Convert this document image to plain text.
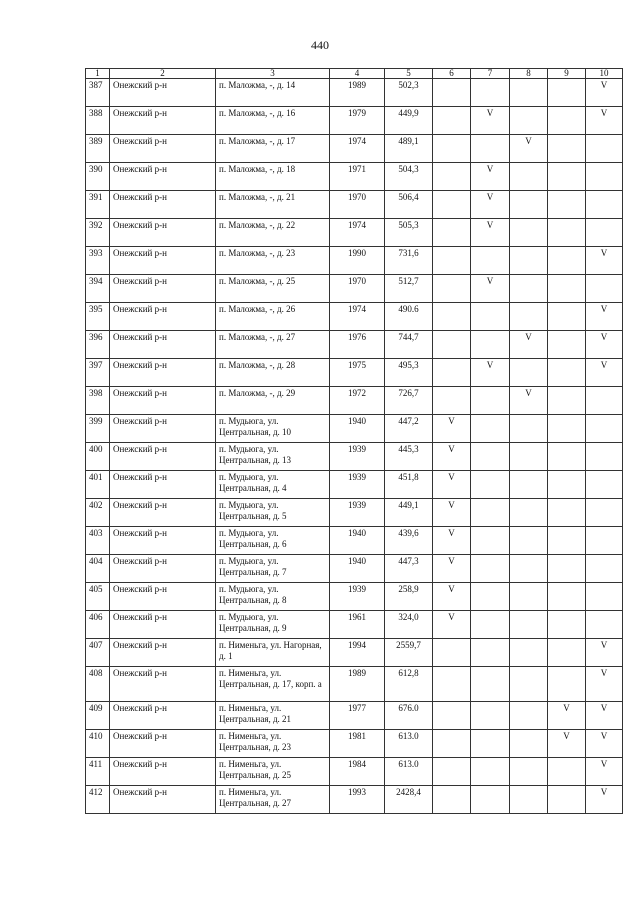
440
1	2	3	4	5	6	7	8	9	10
387	Онежский р-н	п. Маложма, -, д. 14	1989	502,3					V
388	Онежский р-н	п. Маложма, -, д. 16	1979	449,9		V			V
389	Онежский р-н	п. Маложма, -, д. 17	1974	489,1			V		
390	Онежский р-н	п. Маложма, -, д. 18	1971	504,3		V			
391	Онежский р-н	п. Маложма, -, д. 21	1970	506,4		V			
392	Онежский р-н	п. Маложма, -, д. 22	1974	505,3		V			
393	Онежский р-н	п. Маложма, -, д. 23	1990	731,6					V
394	Онежский р-н	п. Маложма, -, д. 25	1970	512,7		V			
395	Онежский р-н	п. Маложма, -, д. 26	1974	490.6					V
396	Онежский р-н	п. Маложма, -, д. 27	1976	744,7			V		V
397	Онежский р-н	п. Маложма, -, д. 28	1975	495,3		V			V
398	Онежский р-н	п. Маложма, -, д. 29	1972	726,7			V		
399	Онежский р-н	п. Мудьюга, ул. Центральная, д. 10	1940	447,2	V				
400	Онежский р-н	п. Мудьюга, ул. Центральная, д. 13	1939	445,3	V				
401	Онежский р-н	п. Мудьюга, ул. Центральная, д. 4	1939	451,8	V				
402	Онежский р-н	п. Мудьюга, ул. Центральная, д. 5	1939	449,1	V				
403	Онежский р-н	п. Мудьюга, ул. Центральная, д. 6	1940	439,6	V				
404	Онежский р-н	п. Мудьюга, ул. Центральная, д. 7	1940	447,3	V				
405	Онежский р-н	п. Мудьюга, ул. Центральная, д. 8	1939	258,9	V				
406	Онежский р-н	п. Мудьюга, ул. Центральная, д. 9	1961	324,0	V				
407	Онежский р-н	п. Нименьга, ул. Нагорная, д. 1	1994	2559,7					V
408	Онежский р-н	п. Нименьга, ул. Центральная, д. 17, корп. а	1989	612,8					V
409	Онежский р-н	п. Нименьга, ул. Центральная, д. 21	1977	676.0				V	V
410	Онежский р-н	п. Нименьга, ул. Центральная, д. 23	1981	613.0				V	V
411	Онежский р-н	п. Нименьга, ул. Центральная, д. 25	1984	613.0					V
412	Онежский р-н	п. Нименьга, ул. Центральная, д. 27	1993	2428,4					V
